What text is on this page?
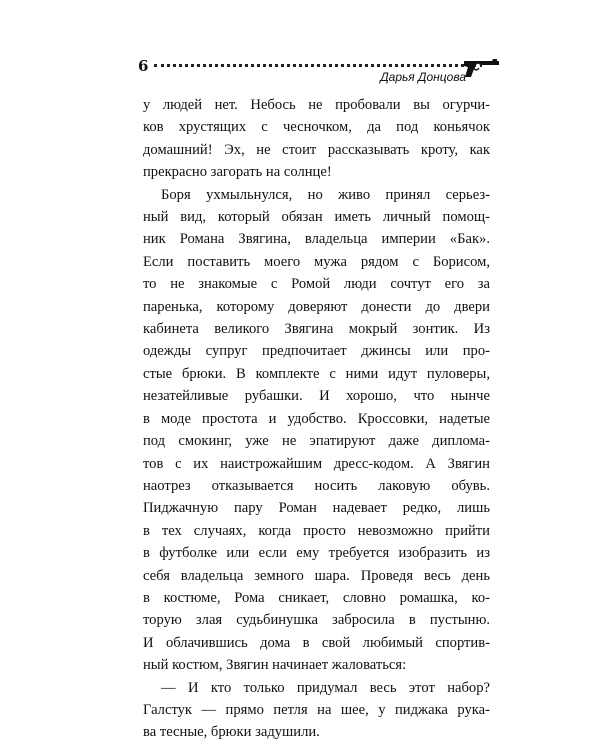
6
Дарья Донцова

у людей нет. Небось не пробовали вы огурчи-
ков хрустящих с чесночком, да под коньячок
домашний! Эх, не стоит рассказывать кроту, как
прекрасно загорать на солнце!

Боря ухмыльнулся, но живо принял серьез-
ный вид, который обязан иметь личный помощ-
ник Романа Звягина, владельца империи «Бак».
Если поставить моего мужа рядом с Борисом,
то не знакомые с Ромой люди сочтут его за
паренька, которому доверяют донести до двери
кабинета великого Звягина мокрый зонтик. Из
одежды супруг предпочитает джинсы или про-
стые брюки. В комплекте с ними идут пуловеры,
незатейливые рубашки. И хорошо, что нынче
в моде простота и удобство. Кроссовки, надетые
под смокинг, уже не эпатируют даже диплома-
тов с их наистрожайшим дресс-кодом. А Звягин
наотрез отказывается носить лаковую обувь.
Пиджачную пару Роман надевает редко, лишь
в тех случаях, когда просто невозможно прийти
в футболке или если ему требуется изобразить из
себя владельца земного шара. Проведя весь день
в костюме, Рома сникает, словно ромашка, ко-
торую злая судьбинушка забросила в пустыню.
И облачившись дома в свой любимый спортив-
ный костюм, Звягин начинает жаловаться:

— И кто только придумал весь этот набор?
Галстук — прямо петля на шее, у пиджака рука-
ва тесные, брюки задушили.
